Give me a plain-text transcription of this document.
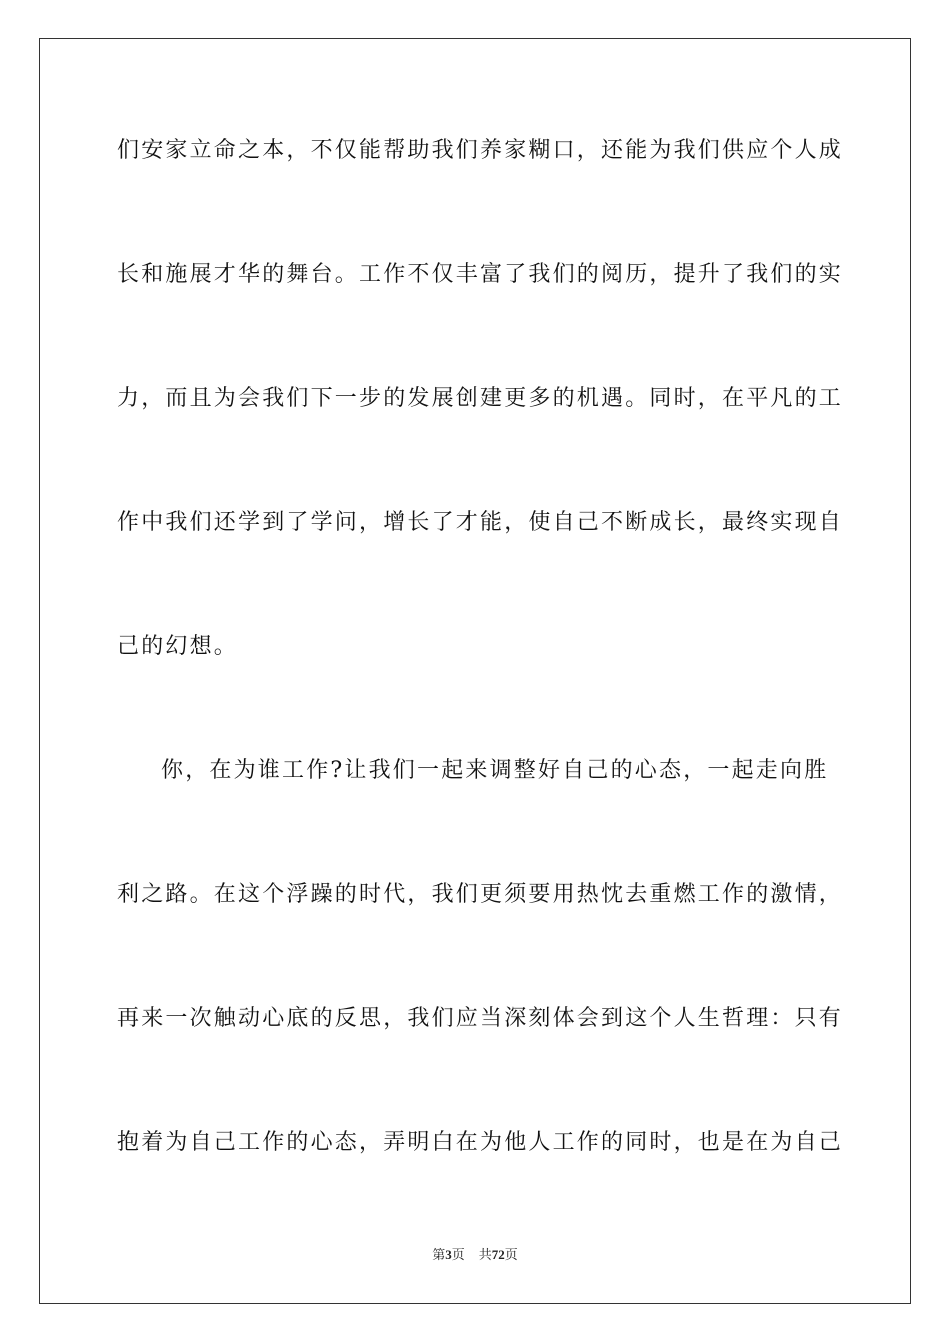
们安家立命之本，不仅能帮助我们养家糊口，还能为我们供应个人成
长和施展才华的舞台。工作不仅丰富了我们的阅历，提升了我们的实
力，而且为会我们下一步的发展创建更多的机遇。同时，在平凡的工
作中我们还学到了学问，增长了才能，使自己不断成长，最终实现自
己的幻想。
你，在为谁工作?让我们一起来调整好自己的心态，一起走向胜
利之路。在这个浮躁的时代，我们更须要用热忱去重燃工作的激情，
再来一次触动心底的反思，我们应当深刻体会到这个人生哲理：只有
抱着为自己工作的心态，弄明白在为他人工作的同时，也是在为自己
第3页 共72页
